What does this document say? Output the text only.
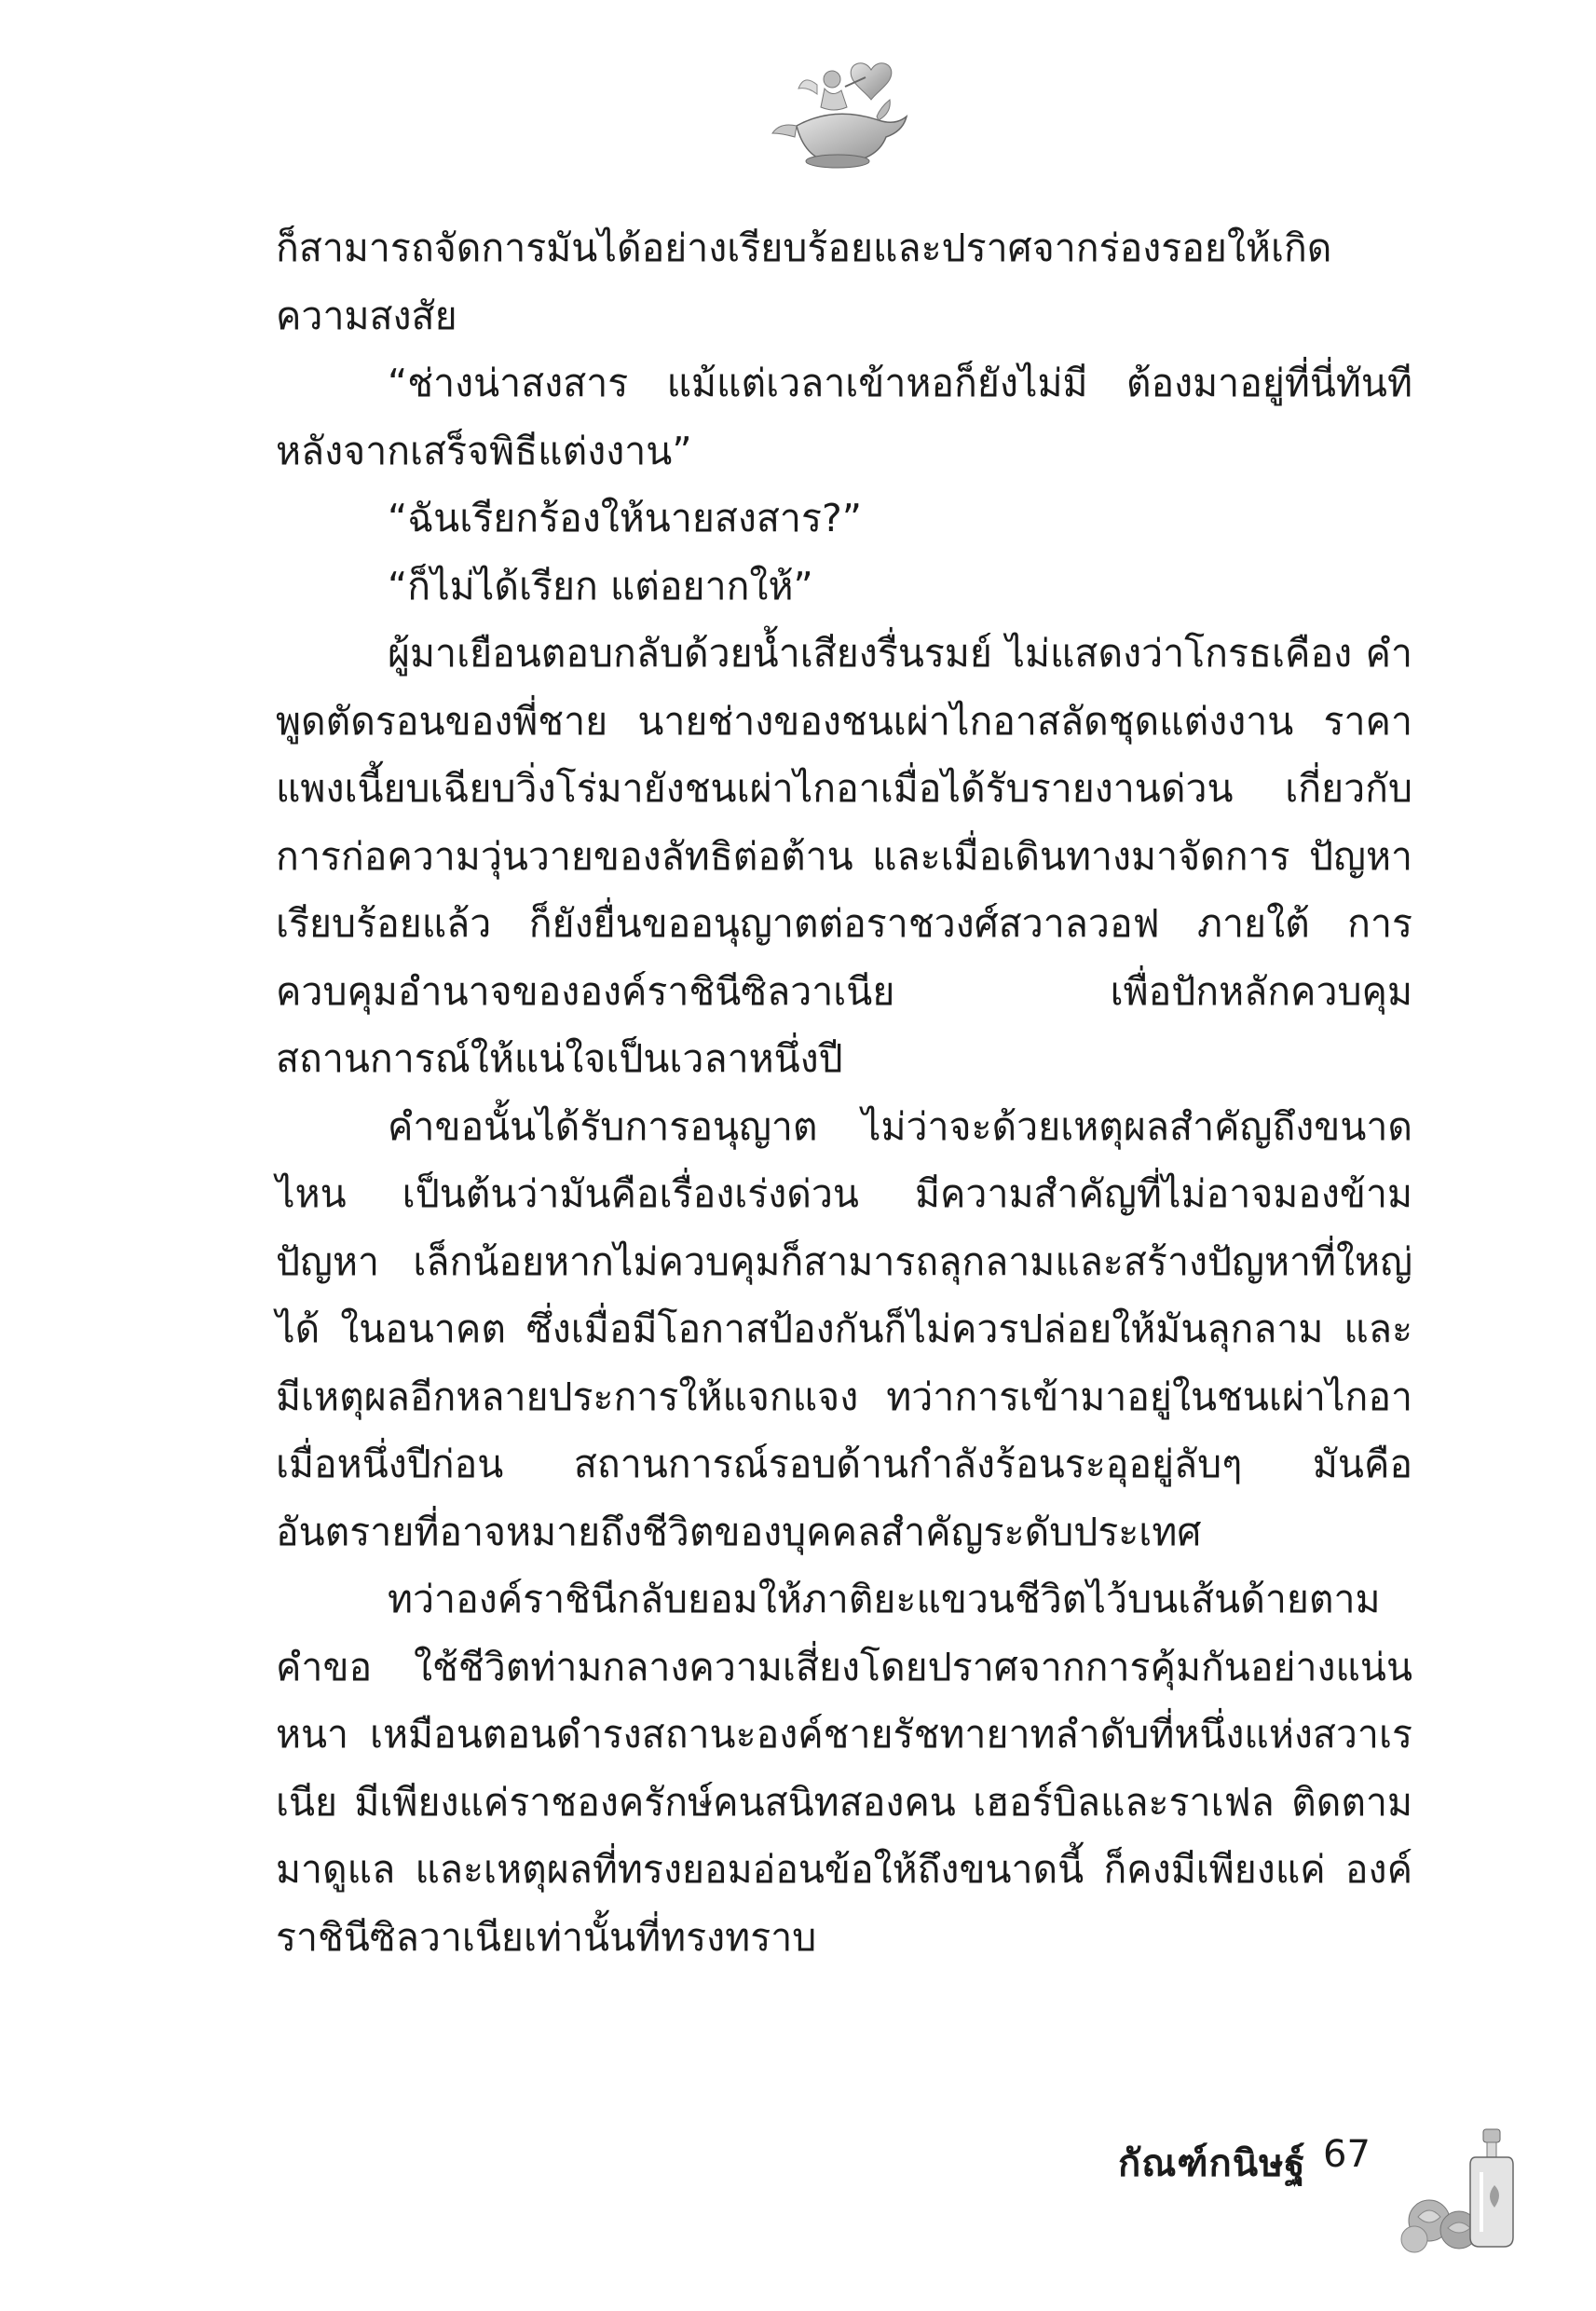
ก็สามารถจัดการมันได้อย่างเรียบร้อยและปราศจากร่องรอยให้เกิด ความสงสัย

“ช่างน่าสงสาร แม้แต่เวลาเข้าหอก็ยังไม่มี ต้องมาอยู่ที่นี่ทันที หลังจากเสร็จพิธีแต่งงาน”

“ฉันเรียกร้องให้นายสงสาร?”

“ก็ไม่ได้เรียก แต่อยากให้”

ผู้มาเยือนตอบกลับด้วยน้ำเสียงรื่นรมย์ ไม่แสดงว่าโกรธเคือง คำพูดตัดรอนของพี่ชาย นายช่างของชนเผ่าไกอาสลัดชุดแต่งงาน ราคาแพงเนี้ยบเฉียบวิ่งโร่มายังชนเผ่าไกอาเมื่อได้รับรายงานด่วน เกี่ยวกับการก่อความวุ่นวายของลัทธิต่อต้าน และเมื่อเดินทางมาจัดการ ปัญหาเรียบร้อยแล้ว ก็ยังยื่นขออนุญาตต่อราชวงศ์สวาลวอฟ ภายใต้ การควบคุมอำนาจขององค์ราชินีซิลวาเนีย เพื่อปักหลักควบคุม สถานการณ์ให้แน่ใจเป็นเวลาหนึ่งปี

คำขอนั้นได้รับการอนุญาต ไม่ว่าจะด้วยเหตุผลสำคัญถึงขนาดไหน เป็นต้นว่ามันคือเรื่องเร่งด่วน มีความสำคัญที่ไม่อาจมองข้าม ปัญหา เล็กน้อยหากไม่ควบคุมก็สามารถลุกลามและสร้างปัญหาที่ใหญ่ได้ ในอนาคต ซึ่งเมื่อมีโอกาสป้องกันก็ไม่ควรปล่อยให้มันลุกลาม และ มีเหตุผลอีกหลายประการให้แจกแจง ทว่าการเข้ามาอยู่ในชนเผ่าไกอา เมื่อหนึ่งปีก่อน สถานการณ์รอบด้านกำลังร้อนระอุอยู่ลับๆ มันคือ อันตรายที่อาจหมายถึงชีวิตของบุคคลสำคัญระดับประเทศ

ทว่าองค์ราชินีกลับยอมให้ภาติยะแขวนชีวิตไว้บนเส้นด้ายตาม คำขอ ใช้ชีวิตท่ามกลางความเสี่ยงโดยปราศจากการคุ้มกันอย่างแน่นหนา เหมือนตอนดำรงสถานะองค์ชายรัชทายาทลำดับที่หนึ่งแห่งสวาเรเนีย มีเพียงแค่ราชองครักษ์คนสนิทสองคน เฮอร์บิลและราเฟล ติดตาม มาดูแล และเหตุผลที่ทรงยอมอ่อนข้อให้ถึงขนาดนี้ ก็คงมีเพียงแค่ องค์ราชินีซิลวาเนียเท่านั้นที่ทรงทราบ

กัณฑ์กนิษฐ์ 67
